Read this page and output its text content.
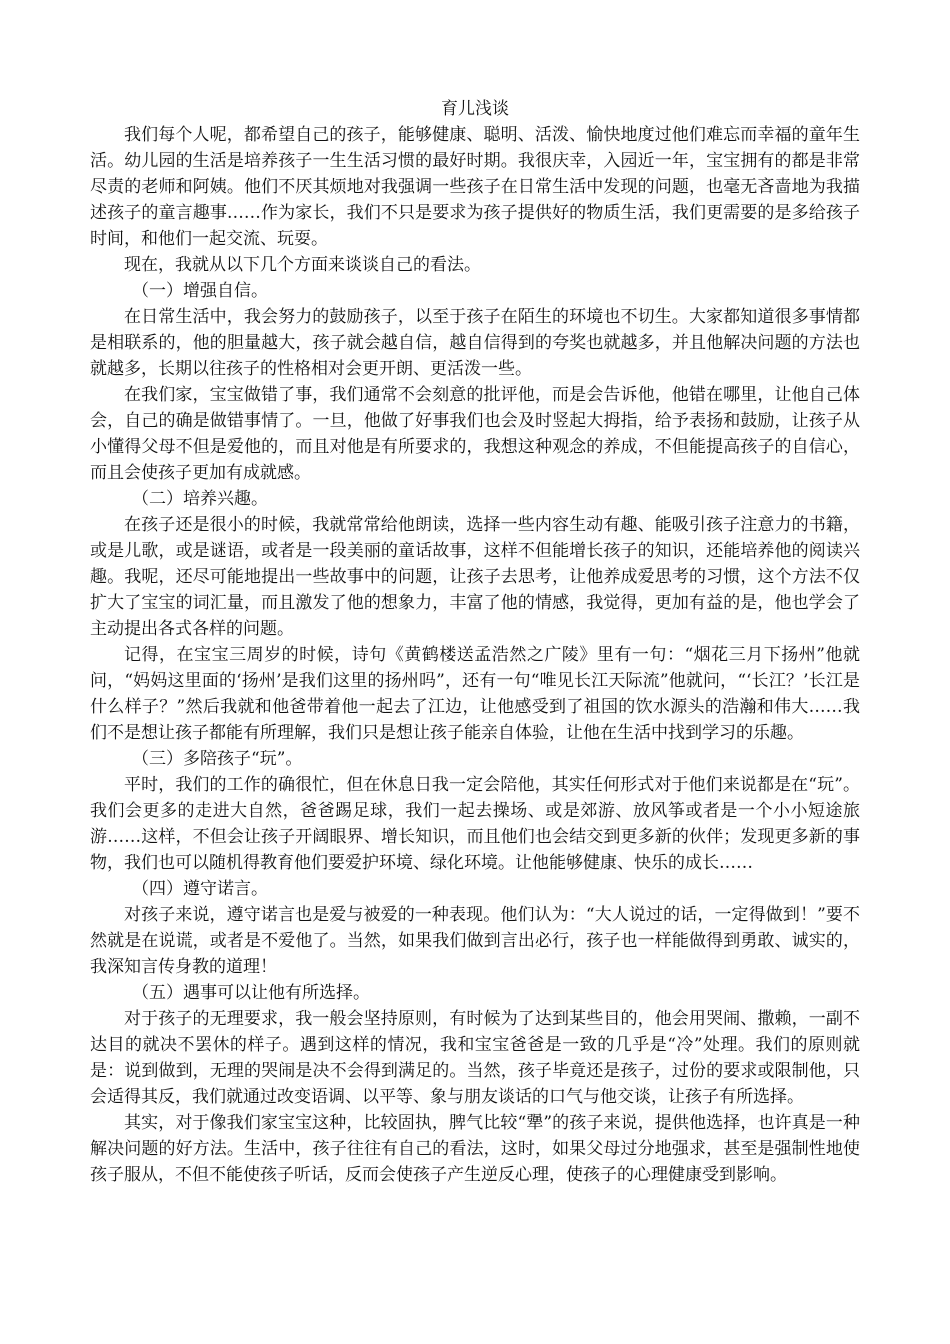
育儿浅谈

我们每个人呢，都希望自己的孩子，能够健康、聪明、活泼、愉快地度过他们难忘而幸福的童年生活。幼儿园的生活是培养孩子一生生活习惯的最好时期。我很庆幸，入园近一年，宝宝拥有的都是非常尽责的老师和阿姨。他们不厌其烦地对我强调一些孩子在日常生活中发现的问题，也毫无吝啬地为我描述孩子的童言趣事……作为家长，我们不只是要求为孩子提供好的物质生活，我们更需要的是多给孩子时间，和他们一起交流、玩耍。

现在，我就从以下几个方面来谈谈自己的看法。

（一）增强自信。

在日常生活中，我会努力的鼓励孩子，以至于孩子在陌生的环境也不切生。大家都知道很多事情都是相联系的，他的胆量越大，孩子就会越自信，越自信得到的夸奖也就越多，并且他解决问题的方法也就越多，长期以往孩子的性格相对会更开朗、更活泼一些。

在我们家，宝宝做错了事，我们通常不会刻意的批评他，而是会告诉他，他错在哪里，让他自己体会，自己的确是做错事情了。一旦，他做了好事我们也会及时竖起大拇指，给予表扬和鼓励，让孩子从小懂得父母不但是爱他的，而且对他是有所要求的，我想这种观念的养成，不但能提高孩子的自信心，而且会使孩子更加有成就感。

（二）培养兴趣。

在孩子还是很小的时候，我就常常给他朗读，选择一些内容生动有趣、能吸引孩子注意力的书籍，或是儿歌，或是谜语，或者是一段美丽的童话故事，这样不但能增长孩子的知识，还能培养他的阅读兴趣。我呢，还尽可能地提出一些故事中的问题，让孩子去思考，让他养成爱思考的习惯，这个方法不仅扩大了宝宝的词汇量，而且激发了他的想象力，丰富了他的情感，我觉得，更加有益的是，他也学会了主动提出各式各样的问题。

记得，在宝宝三周岁的时候，诗句《黄鹤楼送孟浩然之广陵》里有一句：“烟花三月下扬州”他就问，“妈妈这里面的‘扬州’是我们这里的扬州吗”，还有一句“唯见长江天际流”他就问，“‘长江？’长江是什么样子？”然后我就和他爸带着他一起去了江边，让他感受到了祖国的饮水源头的浩瀚和伟大……我们不是想让孩子都能有所理解，我们只是想让孩子能亲自体验，让他在生活中找到学习的乐趣。

（三）多陪孩子“玩”。

平时，我们的工作的确很忙，但在休息日我一定会陪他，其实任何形式对于他们来说都是在“玩”。我们会更多的走进大自然，爸爸踢足球，我们一起去操场、或是郊游、放风筝或者是一个小小短途旅游……这样，不但会让孩子开阔眼界、增长知识，而且他们也会结交到更多新的伙伴；发现更多新的事物，我们也可以随机得教育他们要爱护环境、绿化环境。让他能够健康、快乐的成长……

（四）遵守诺言。

对孩子来说，遵守诺言也是爱与被爱的一种表现。他们认为：“大人说过的话，一定得做到！”要不然就是在说谎，或者是不爱他了。当然，如果我们做到言出必行，孩子也一样能做得到勇敢、诚实的，我深知言传身教的道理！

（五）遇事可以让他有所选择。

对于孩子的无理要求，我一般会坚持原则，有时候为了达到某些目的，他会用哭闹、撒赖，一副不达目的就决不罢休的样子。遇到这样的情况，我和宝宝爸爸是一致的几乎是“冷”处理。我们的原则就是：说到做到，无理的哭闹是决不会得到满足的。当然，孩子毕竟还是孩子，过份的要求或限制他，只会适得其反，我们就通过改变语调、以平等、象与朋友谈话的口气与他交谈，让孩子有所选择。

其实，对于像我们家宝宝这种，比较固执，脾气比较“犟”的孩子来说，提供他选择，也许真是一种解决问题的好方法。生活中，孩子往往有自己的看法，这时，如果父母过分地强求，甚至是强制性地使孩子服从，不但不能使孩子听话，反而会使孩子产生逆反心理，使孩子的心理健康受到影响。
